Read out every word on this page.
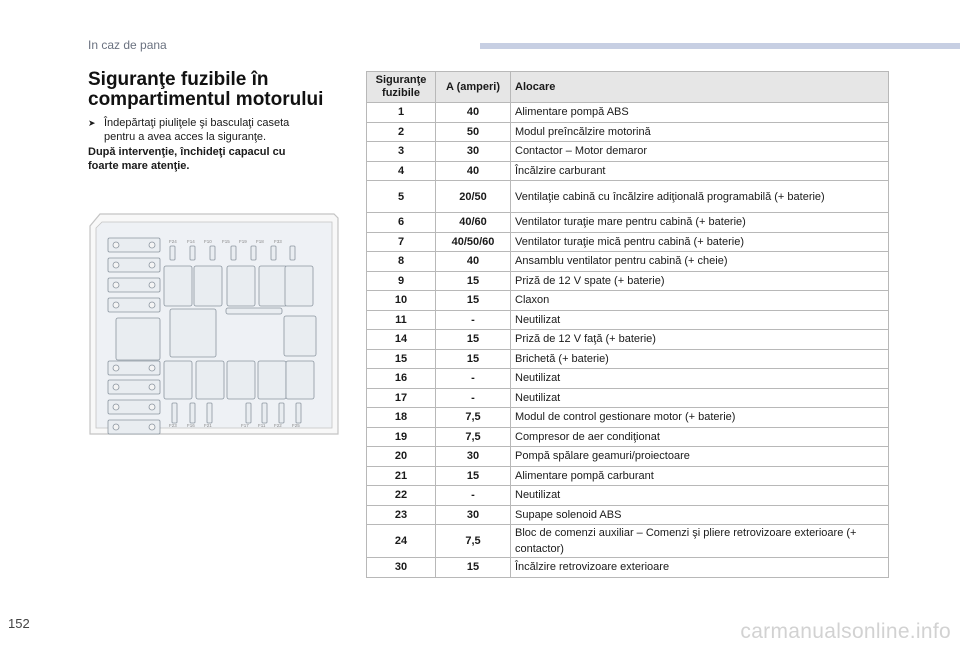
In caz de pana
Siguranţe fuzibile în compartimentul motorului
➤ Îndepărtaţi piuliţele şi basculaţi caseta pentru a avea acces la siguranţe.
După intervenţie, închideţi capacul cu foarte mare atenţie.
F24 F14 F10 F15 F19 F18 F33
F23 F16 F21	F17 F11 F22 F25
Siguranţe fuzibile	A (amperi)	Alocare
1	40	Alimentare pompă ABS
2	50	Modul preîncălzire motorină
3	30	Contactor – Motor demaror
4	40	Încălzire carburant
5	20/50	Ventilaţie cabină cu încălzire adiţională programabilă (+ baterie)
6	40/60	Ventilator turaţie mare pentru cabină (+ baterie)
7	40/50/60	Ventilator turaţie mică pentru cabină (+ baterie)
8	40	Ansamblu ventilator pentru cabină (+ cheie)
9	15	Priză de 12 V spate (+ baterie)
10	15	Claxon
11	-	Neutilizat
14	15	Priză de 12 V faţă (+ baterie)
15	15	Brichetă (+ baterie)
16	-	Neutilizat
17	-	Neutilizat
18	7,5	Modul de control gestionare motor (+ baterie)
19	7,5	Compresor de aer condiţionat
20	30	Pompă spălare geamuri/proiectoare
21	15	Alimentare pompă carburant
22	-	Neutilizat
23	30	Supape solenoid ABS
24	7,5	Bloc de comenzi auxiliar – Comenzi şi pliere retrovizoare exterioare (+ contactor)
30	15	Încălzire retrovizoare exterioare
152	carmanualsonline.info
